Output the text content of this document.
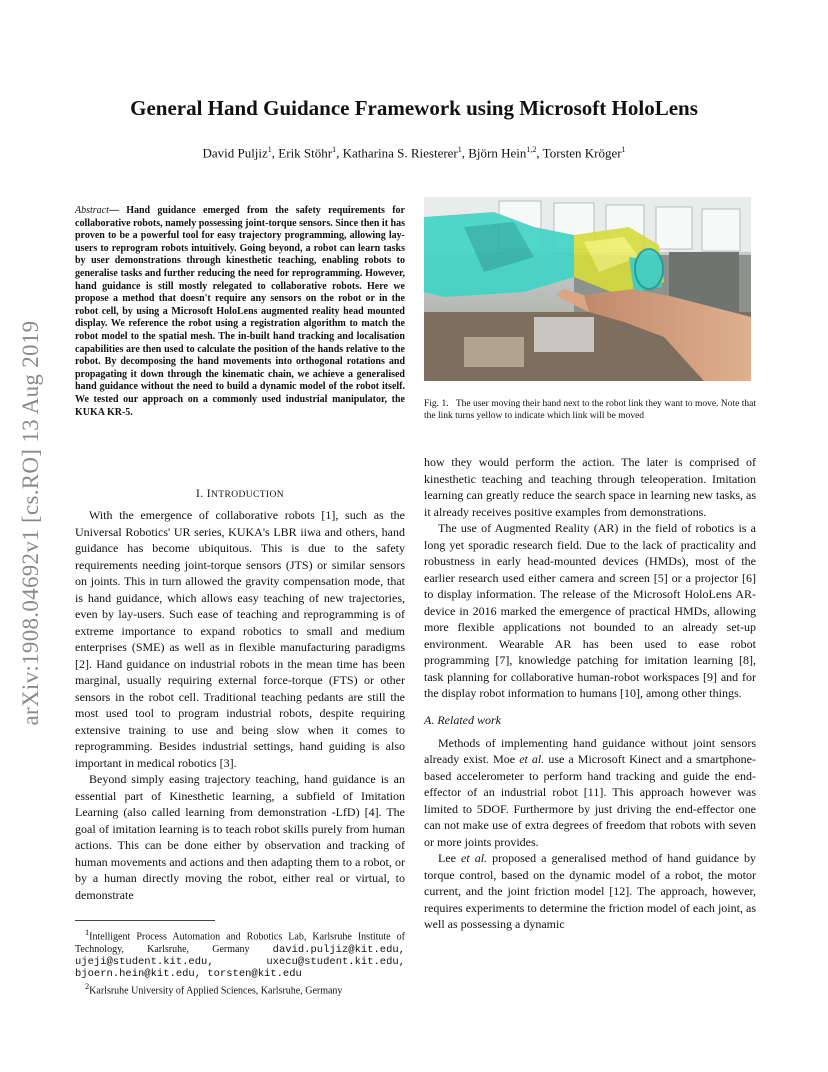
arXiv:1908.04692v1 [cs.RO] 13 Aug 2019
General Hand Guidance Framework using Microsoft HoloLens
David Puljiz$^1$, Erik Stöhr$^1$, Katharina S. Riesterer$^1$, Björn Hein$^{1,2}$, Torsten Kröger$^1$
Abstract— Hand guidance emerged from the safety requirements for collaborative robots, namely possessing joint-torque sensors. Since then it has proven to be a powerful tool for easy trajectory programming, allowing lay-users to reprogram robots intuitively. Going beyond, a robot can learn tasks by user demonstrations through kinesthetic teaching, enabling robots to generalise tasks and further reducing the need for reprogramming. However, hand guidance is still mostly relegated to collaborative robots. Here we propose a method that doesn't require any sensors on the robot or in the robot cell, by using a Microsoft HoloLens augmented reality head mounted display. We reference the robot using a registration algorithm to match the robot model to the spatial mesh. The in-built hand tracking and localisation capabilities are then used to calculate the position of the hands relative to the robot. By decomposing the hand movements into orthogonal rotations and propagating it down through the kinematic chain, we achieve a generalised hand guidance without the need to build a dynamic model of the robot itself. We tested our approach on a commonly used industrial manipulator, the KUKA KR-5.
I. INTRODUCTION

With the emergence of collaborative robots [1], such as the Universal Robotics' UR series, KUKA's LBR iiwa and others, hand guidance has become ubiquitous. This is due to the safety requirements needing joint-torque sensors (JTS) or similar sensors on joints. This in turn allowed the gravity compensation mode, that is hand guidance, which allows easy teaching of new trajectories, even by lay-users. Such ease of teaching and reprogramming is of extreme importance to expand robotics to small and medium enterprises (SME) as well as in flexible manufacturing paradigms [2]. Hand guidance on industrial robots in the mean time has been marginal, usually requiring external force-torque (FTS) or other sensors in the robot cell. Traditional teaching pedants are still the most used tool to program industrial robots, despite requiring extensive training to use and being slow when it comes to reprogramming. Besides industrial settings, hand guiding is also important in medical robotics [3].

Beyond simply easing trajectory teaching, hand guidance is an essential part of Kinesthetic learning, a subfield of Imitation Learning (also called learning from demonstration -LfD) [4]. The goal of imitation learning is to teach robot skills purely from human actions. This can be done either by observation and tracking of human movements and actions and then adapting them to a robot, or by a human directly moving the robot, either real or virtual, to demonstrate

$^1$Intelligent Process Automation and Robotics Lab, Karlsruhe Institute of Technology, Karlsruhe, Germany david.puljiz@kit.edu, ujeji@student.kit.edu, uxecu@student.kit.edu, bjoern.hein@kit.edu, torsten@kit.edu
$^2$Karlsruhe University of Applied Sciences, Karlsruhe, Germany
Fig. 1. The user moving their hand next to the robot link they want to move. Note that the link turns yellow to indicate which link will be moved

how they would perform the action. The later is comprised of kinesthetic teaching and teaching through teleoperation. Imitation learning can greatly reduce the search space in learning new tasks, as it already receives positive examples from demonstrations.

The use of Augmented Reality (AR) in the field of robotics is a long yet sporadic research field. Due to the lack of practicality and robustness in early head-mounted devices (HMDs), most of the earlier research used either camera and screen [5] or a projector [6] to display information. The release of the Microsoft HoloLens AR-device in 2016 marked the emergence of practical HMDs, allowing more flexible applications not bounded to an already set-up environment. Wearable AR has been used to ease robot programming [7], knowledge patching for imitation learning [8], task planning for collaborative human-robot workspaces [9] and for the display robot information to humans [10], among other things.

A. Related work

Methods of implementing hand guidance without joint sensors already exist. Moe et al. use a Microsoft Kinect and a smartphone-based accelerometer to perform hand tracking and guide the end-effector of an industrial robot [11]. This approach however was limited to 5DOF. Furthermore by just driving the end-effector one can not make use of extra degrees of freedom that robots with seven or more joints provides.

Lee et al. proposed a generalised method of hand guidance by torque control, based on the dynamic model of a robot, the motor current, and the joint friction model [12]. The approach, however, requires experiments to determine the friction model of each joint, as well as possessing a dynamic
